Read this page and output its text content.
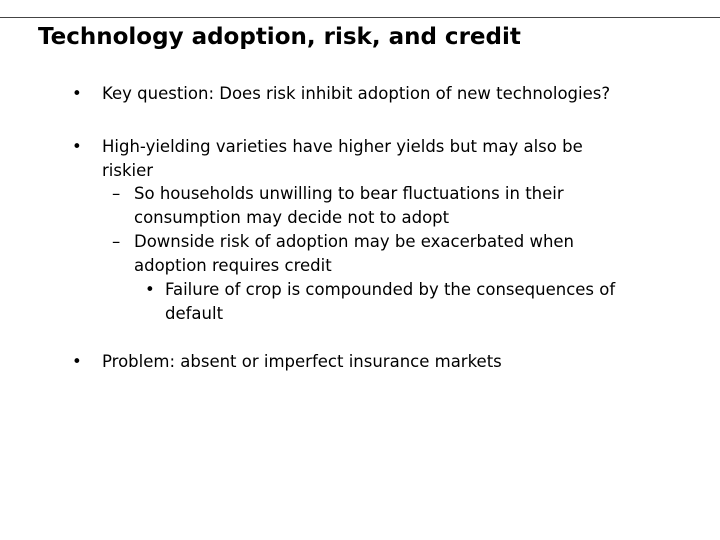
Technology adoption, risk, and credit
•	Key question: Does risk inhibit adoption of new technologies?
•	High-yielding varieties have higher yields but may also be
riskier
– So households unwilling to bear fluctuations in their
consumption may decide not to adopt
– Downside risk of adoption may be exacerbated when
adoption requires credit
• Failure of crop is compounded by the consequences of
default
•	Problem: absent or imperfect insurance markets
